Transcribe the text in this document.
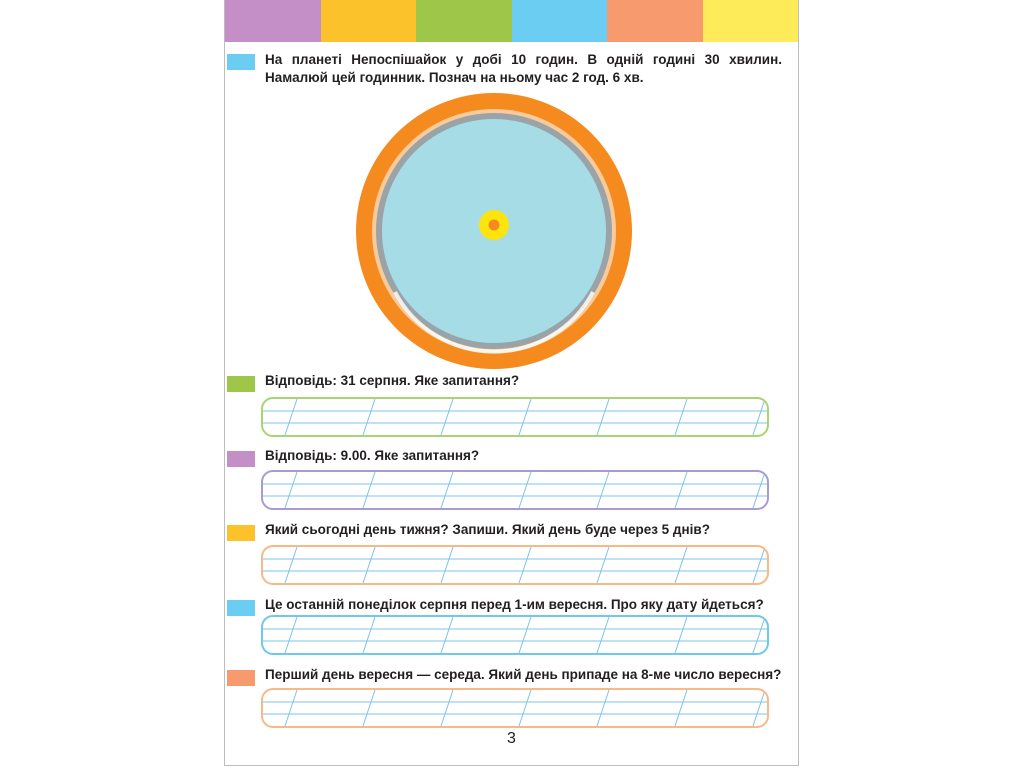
На планеті Непоспішайок у добі 10 годин. В одній годині 30 хвилин. Намалюй цей годинник. Познач на ньому час 2 год. 6 хв.
Відповідь: 31 серпня. Яке запитання?
Відповідь: 9.00. Яке запитання?
Який сьогодні день тижня? Запиши. Який день буде через 5 днів?
Це останній понеділок серпня перед 1-им вересня. Про яку дату йдеться?
Перший день вересня — середа. Який день припаде на 8-ме число вересня?
3
